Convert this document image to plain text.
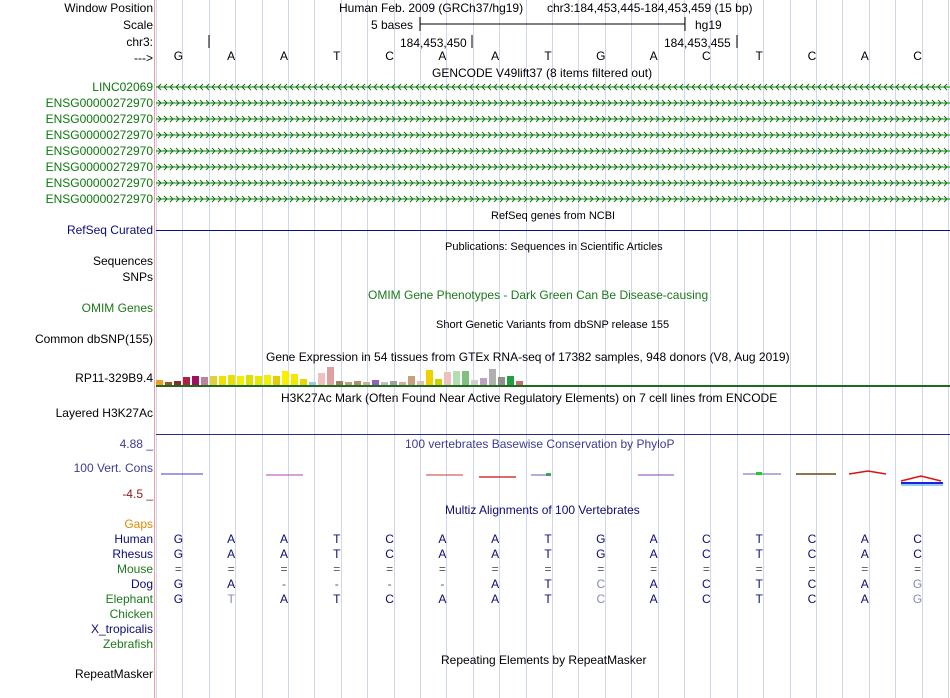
Window Position	Human Feb. 2009 (GRCh37/hg19) chr3:184,453,445-184,453,459 (15 bp)
Scale	5 bases	hg19
chr3:	184,453,450	184,453,455
--->	G	A	A	T	C	A	A	T	G	A	C	T	C	A	C
GENCODE V49lift37 (8 items filtered out)
LINC02069
ENSG00000272970
ENSG00000272970
ENSG00000272970
ENSG00000272970
ENSG00000272970
ENSG00000272970
ENSG00000272970
RefSeq genes from NCBI
RefSeq Curated
Publications: Sequences in Scientific Articles
Sequences
SNPs
OMIM Gene Phenotypes - Dark Green Can Be Disease-causing
OMIM Genes
Short Genetic Variants from dbSNP release 155
Common dbSNP(155)
Gene Expression in 54 tissues from GTEx RNA-seq of 17382 samples, 948 donors (V8, Aug 2019)
RP11-329B9.4
H3K27Ac Mark (Often Found Near Active Regulatory Elements) on 7 cell lines from ENCODE
Layered H3K27Ac
100 vertebrates Basewise Conservation by PhyloP
4.88 _
100 Vert. Cons
-4.5 _
Multiz Alignments of 100 Vertebrates
Gaps
Human	G	A	A	T	C	A	A	T	G	A	C	T	C	A	C
Rhesus	G	A	A	T	C	A	A	T	G	A	C	T	C	A	C
Mouse	=	=	=	=	=	=	=	=	=	=	=	=	=	=	=
Dog	G	A	-	-	-	-	A	T	C	A	C	T	C	A	G
Elephant	G	T	A	T	C	A	A	T	C	A	C	T	C	A	G
Chicken
X_tropicalis
Zebrafish
Repeating Elements by RepeatMasker
RepeatMasker
